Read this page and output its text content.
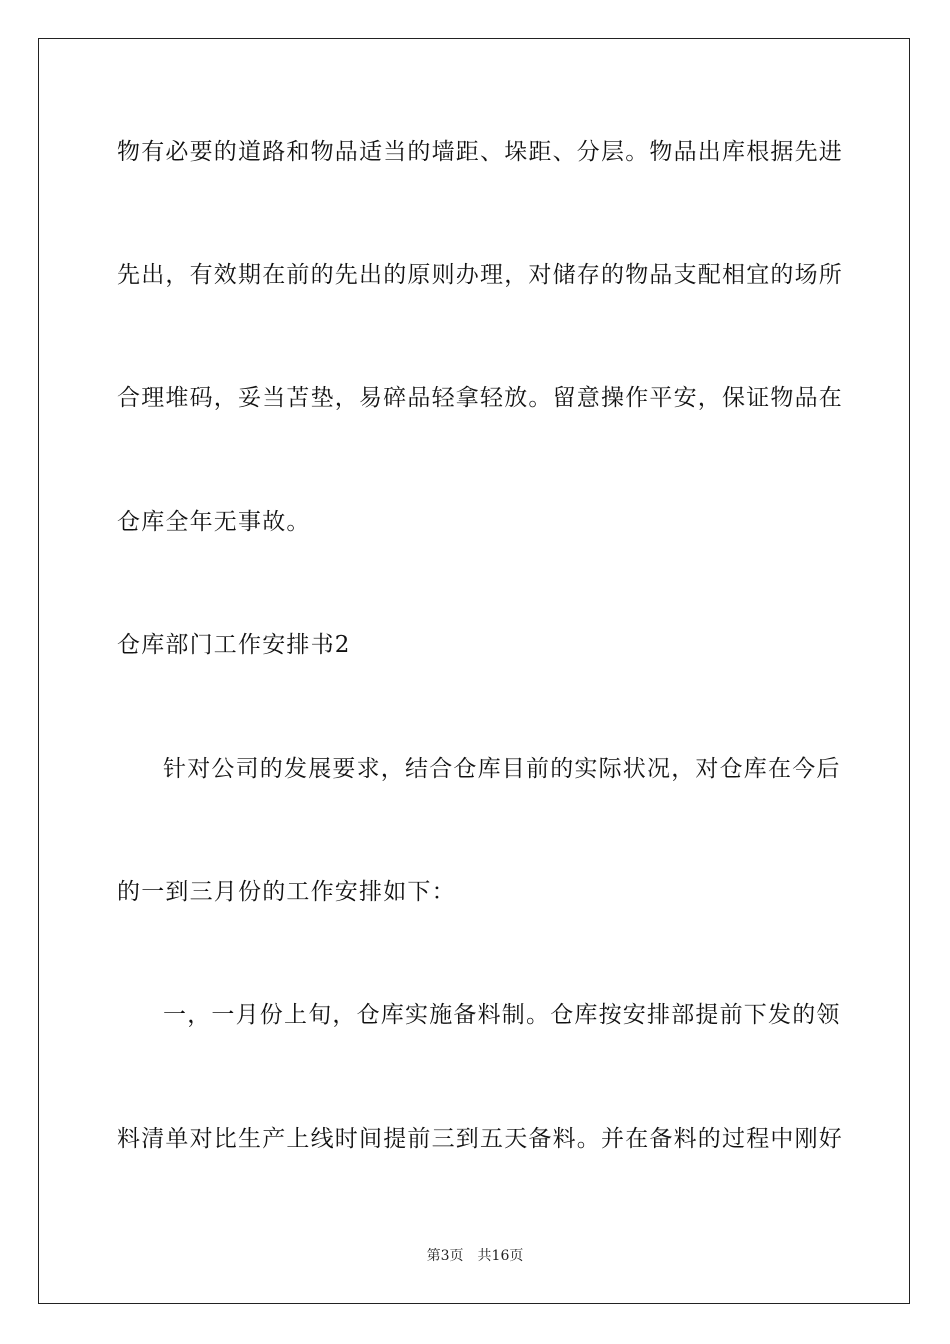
物有必要的道路和物品适当的墙距、垛距、分层。物品出库根据先进
先出，有效期在前的先出的原则办理，对储存的物品支配相宜的场所
合理堆码，妥当苫垫，易碎品轻拿轻放。留意操作平安，保证物品在
仓库全年无事故。
仓库部门工作安排书2
针对公司的发展要求，结合仓库目前的实际状况，对仓库在今后
的一到三月份的工作安排如下：
一，一月份上旬，仓库实施备料制。仓库按安排部提前下发的领
料清单对比生产上线时间提前三到五天备料。并在备料的过程中刚好
第3页 共16页
